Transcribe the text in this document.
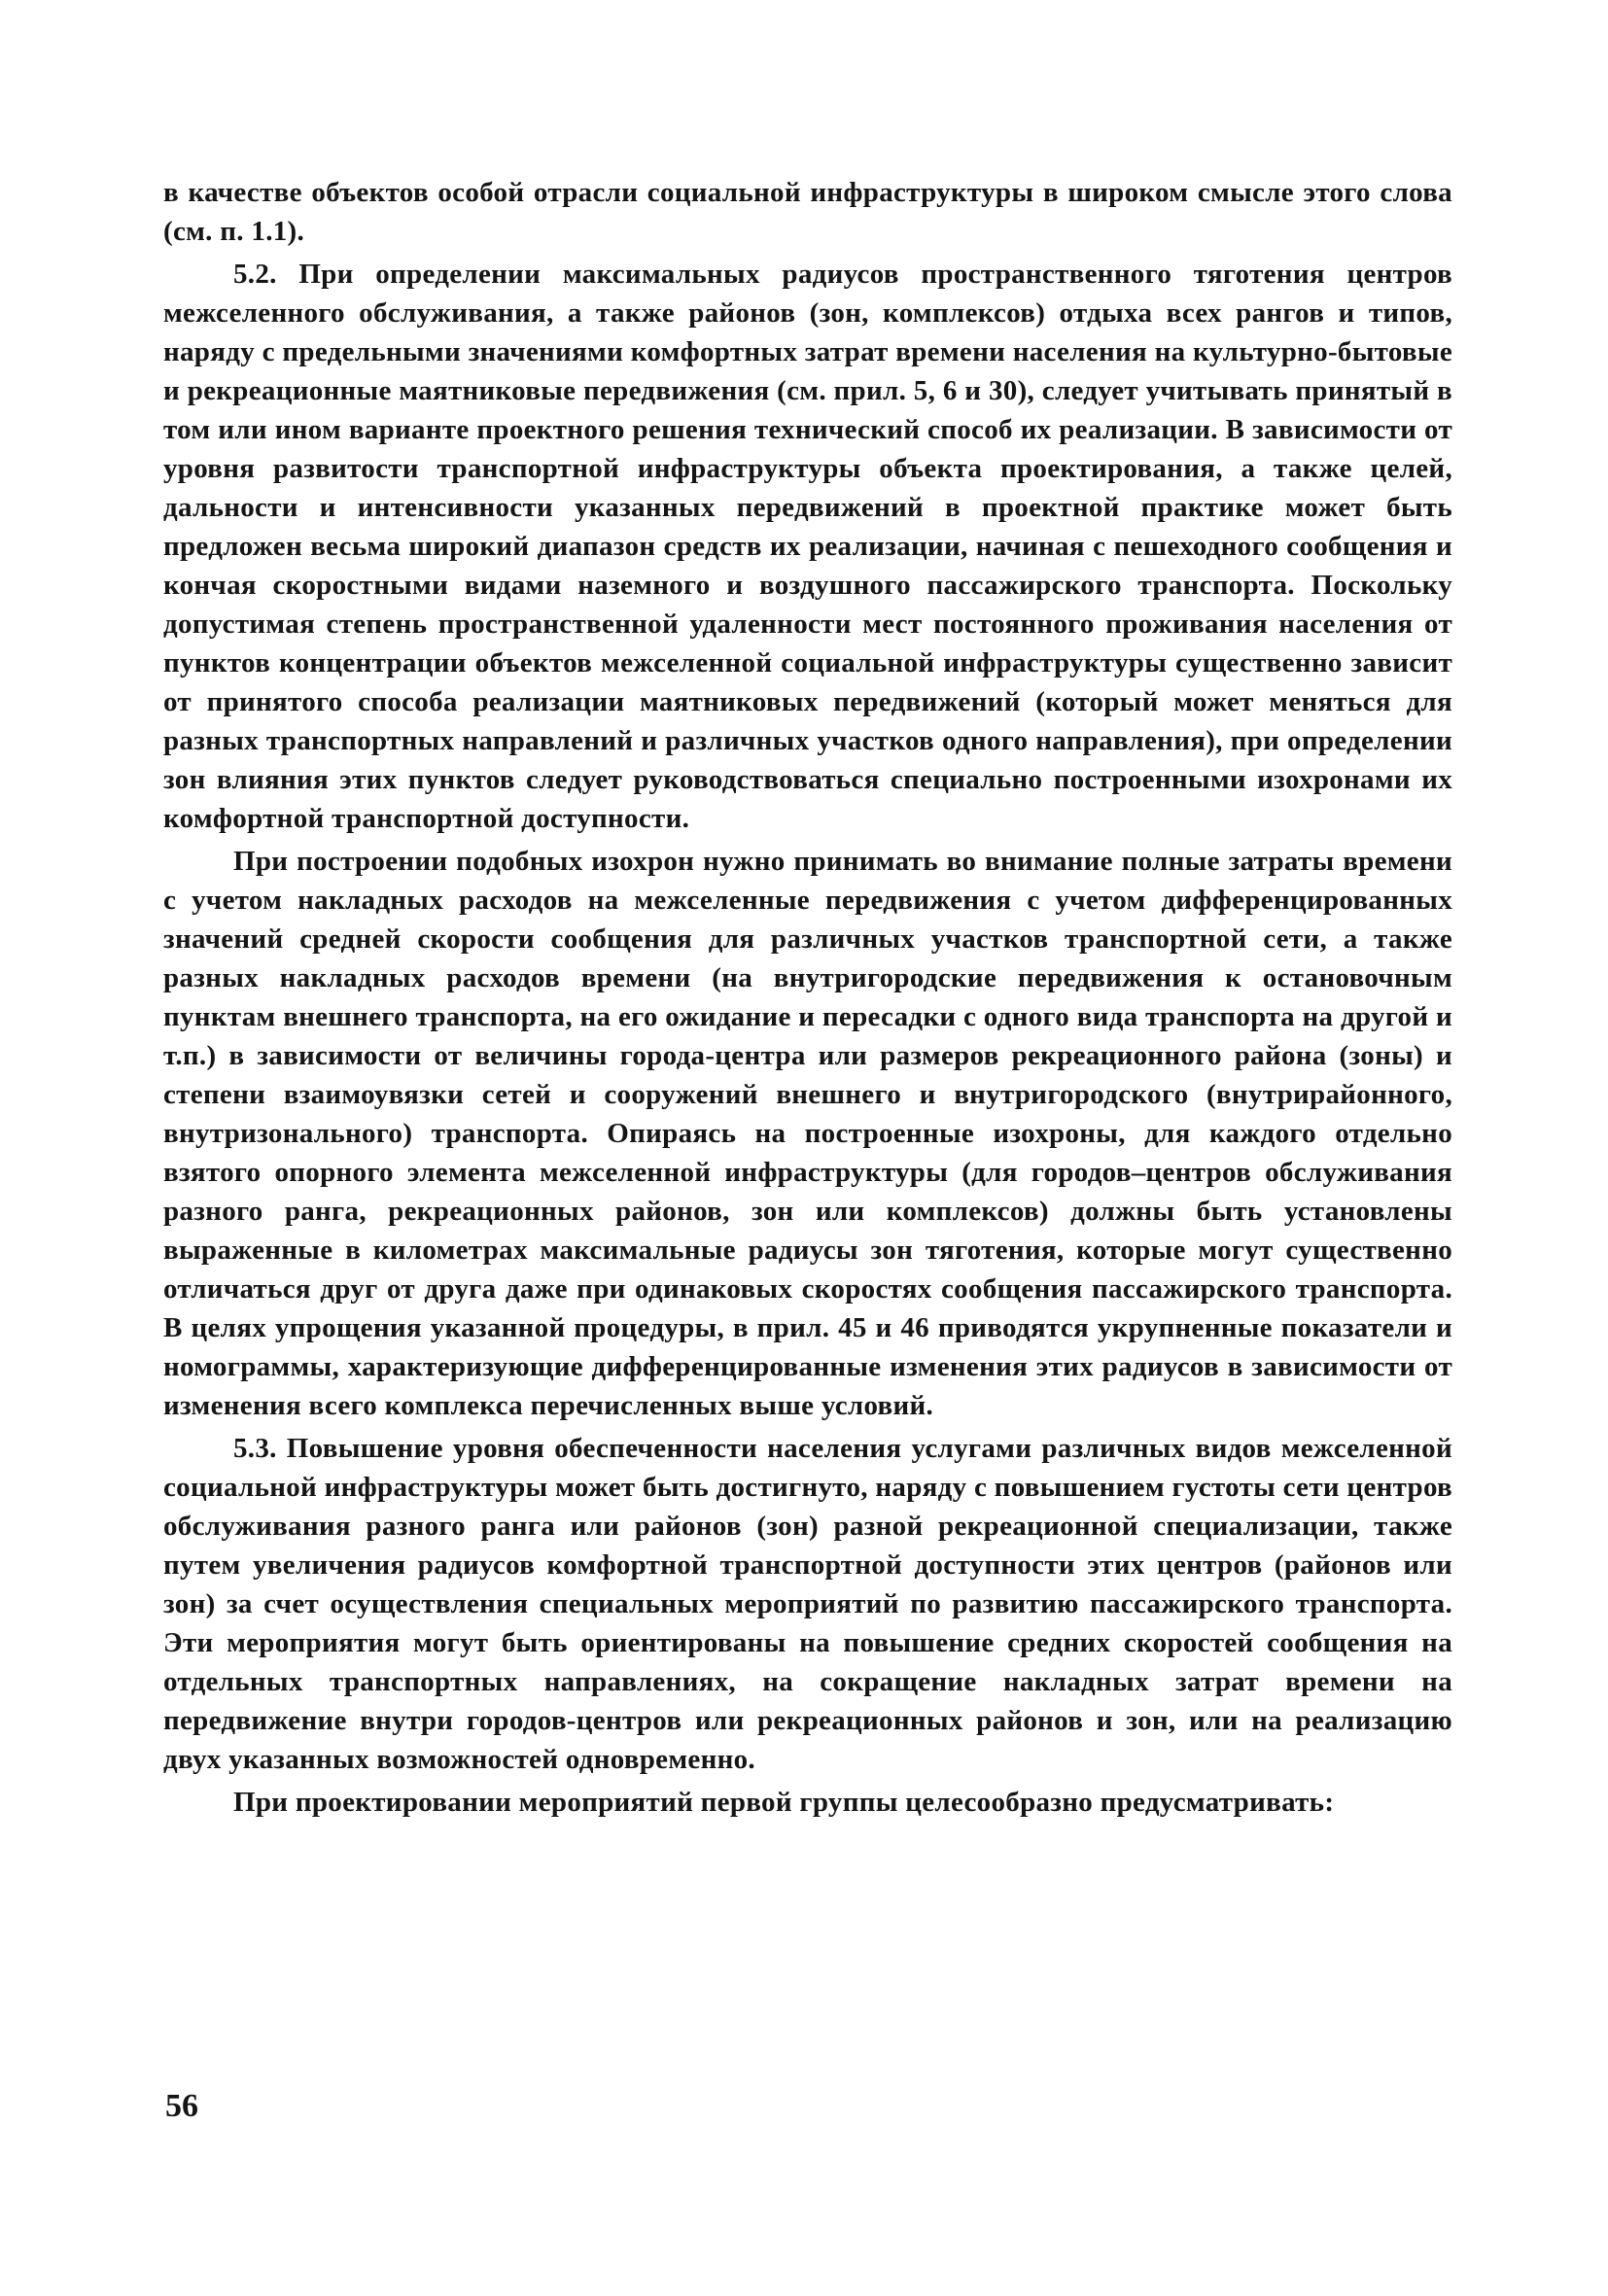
в качестве объектов особой отрасли социальной инфраструктуры в широком смысле этого слова (см. п. 1.1).

5.2. При определении максимальных радиусов пространственного тяготения центров межселенного обслуживания, а также районов (зон, комплексов) отдыха всех рангов и типов, наряду с предельными значениями комфортных затрат времени населения на культурно-бытовые и рекреационные маятниковые передвижения (см. прил. 5, 6 и 30), следует учитывать принятый в том или ином варианте проектного решения технический способ их реализации. В зависимости от уровня развитости транспортной инфраструктуры объекта проектирования, а также целей, дальности и интенсивности указанных передвижений в проектной практике может быть предложен весьма широкий диапазон средств их реализации, начиная с пешеходного сообщения и кончая скоростными видами наземного и воздушного пассажирского транспорта. Поскольку допустимая степень пространственной удаленности мест постоянного проживания населения от пунктов концентрации объектов межселенной социальной инфраструктуры существенно зависит от принятого способа реализации маятниковых передвижений (который может меняться для разных транспортных направлений и различных участков одного направления), при определении зон влияния этих пунктов следует руководствоваться специально построенными изохронами их комфортной транспортной доступности.

При построении подобных изохрон нужно принимать во внимание полные затраты времени с учетом накладных расходов на межселенные передвижения с учетом дифференцированных значений средней скорости сообщения для различных участков транспортной сети, а также разных накладных расходов времени (на внутригородские передвижения к остановочным пунктам внешнего транспорта, на его ожидание и пересадки с одного вида транспорта на другой и т.п.) в зависимости от величины города-центра или размеров рекреационного района (зоны) и степени взаимоувязки сетей и сооружений внешнего и внутригородского (внутрирайонного, внутризонального) транспорта. Опираясь на построенные изохроны, для каждого отдельно взятого опорного элемента межселенной инфраструктуры (для городов–центров обслуживания разного ранга, рекреационных районов, зон или комплексов) должны быть установлены выраженные в километрах максимальные радиусы зон тяготения, которые могут существенно отличаться друг от друга даже при одинаковых скоростях сообщения пассажирского транспорта. В целях упрощения указанной процедуры, в прил. 45 и 46 приводятся укрупненные показатели и номограммы, характеризующие дифференцированные изменения этих радиусов в зависимости от изменения всего комплекса перечисленных выше условий.

5.3. Повышение уровня обеспеченности населения услугами различных видов межселенной социальной инфраструктуры может быть достигнуто, наряду с повышением густоты сети центров обслуживания разного ранга или районов (зон) разной рекреационной специализации, также путем увеличения радиусов комфортной транспортной доступности этих центров (районов или зон) за счет осуществления специальных мероприятий по развитию пассажирского транспорта. Эти мероприятия могут быть ориентированы на повышение средних скоростей сообщения на отдельных транспортных направлениях, на сокращение накладных затрат времени на передвижение внутри городов-центров или рекреационных районов и зон, или на реализацию двух указанных возможностей одновременно.

При проектировании мероприятий первой группы целесообразно предусматривать:

56
